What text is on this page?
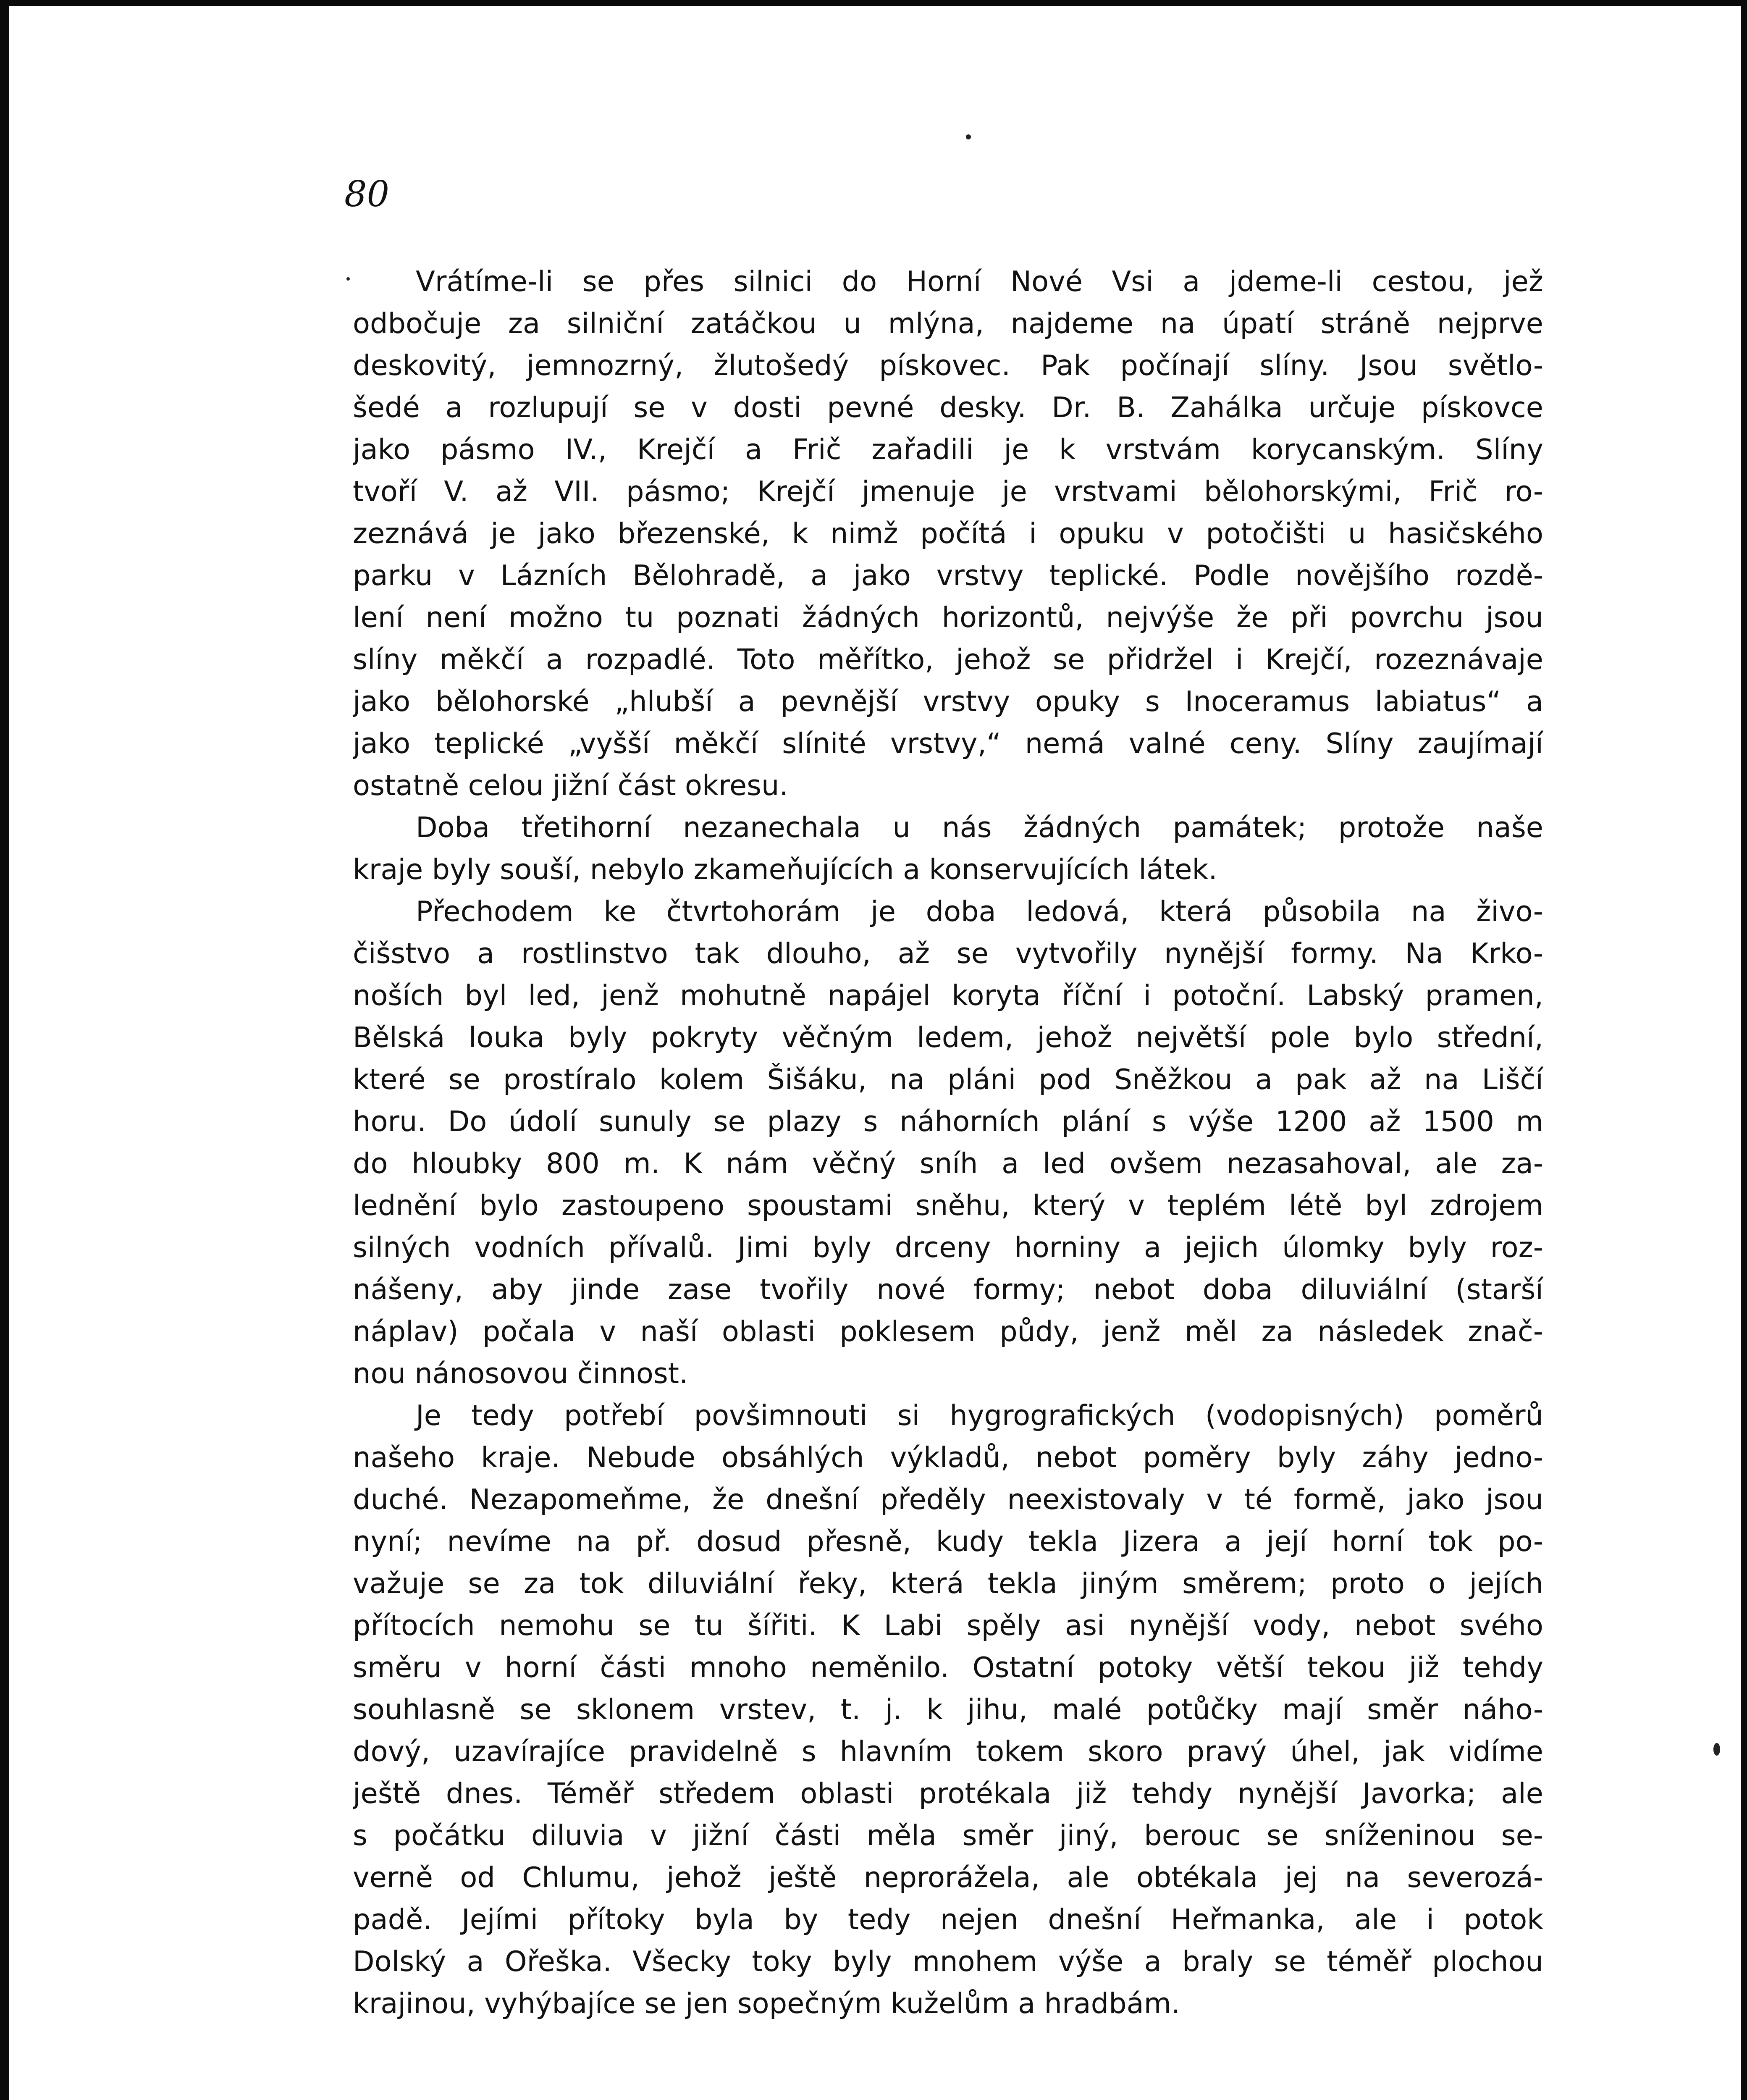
80
Vrátíme-li se přes silnici do Horní Nové Vsi a jdeme-li cestou, jež
odbočuje za silniční zatáčkou u mlýna, najdeme na úpatí stráně nejprve
deskovitý, jemnozrný, žlutošedý pískovec. Pak počínají slíny. Jsou světlo-
šedé a rozlupují se v dosti pevné desky. Dr. B. Zahálka určuje pískovce
jako pásmo IV., Krejčí a Frič zařadili je k vrstvám korycanským. Slíny
tvoří V. až VII. pásmo; Krejčí jmenuje je vrstvami bělohorskými, Frič ro-
zeznává je jako březenské, k nimž počítá i opuku v potočišti u hasičského
parku v Lázních Bělohradě, a jako vrstvy teplické. Podle novějšího rozdě-
lení není možno tu poznati žádných horizontů, nejvýše že při povrchu jsou
slíny měkčí a rozpadlé. Toto měřítko, jehož se přidržel i Krejčí, rozeznávaje
jako bělohorské „hlubší a pevnější vrstvy opuky s Inoceramus labiatus“ a
jako teplické „vyšší měkčí slínité vrstvy,“ nemá valné ceny. Slíny zaujímají
ostatně celou jižní část okresu.
Doba třetihorní nezanechala u nás žádných památek; protože naše
kraje byly souší, nebylo zkameňujících a konservujících látek.
Přechodem ke čtvrtohorám je doba ledová, která působila na živo-
čišstvo a rostlinstvo tak dlouho, až se vytvořily nynější formy. Na Krko-
noších byl led, jenž mohutně napájel koryta říční i potoční. Labský pramen,
Bělská louka byly pokryty věčným ledem, jehož největší pole bylo střední,
které se prostíralo kolem Šišáku, na pláni pod Sněžkou a pak až na Liščí
horu. Do údolí sunuly se plazy s náhorních plání s výše 1200 až 1500 m
do hloubky 800 m. K nám věčný sníh a led ovšem nezasahoval, ale za-
lednění bylo zastoupeno spoustami sněhu, který v teplém létě byl zdrojem
silných vodních přívalů. Jimi byly drceny horniny a jejich úlomky byly roz-
nášeny, aby jinde zase tvořily nové formy; nebot doba diluviální (starší
náplav) počala v naší oblasti poklesem půdy, jenž měl za následek znač-
nou nánosovou činnost.
Je tedy potřebí povšimnouti si hygrografických (vodopisných) poměrů
našeho kraje. Nebude obsáhlých výkladů, nebot poměry byly záhy jedno-
duché. Nezapomeňme, že dnešní předěly neexistovaly v té formě, jako jsou
nyní; nevíme na př. dosud přesně, kudy tekla Jizera a její horní tok po-
važuje se za tok diluviální řeky, která tekla jiným směrem; proto o jejích
přítocích nemohu se tu šířiti. K Labi spěly asi nynější vody, nebot svého
směru v horní části mnoho neměnilo. Ostatní potoky větší tekou již tehdy
souhlasně se sklonem vrstev, t. j. k jihu, malé potůčky mají směr náho-
dový, uzavírajíce pravidelně s hlavním tokem skoro pravý úhel, jak vidíme
ještě dnes. Téměř středem oblasti protékala již tehdy nynější Javorka; ale
s počátku diluvia v jižní části měla směr jiný, berouc se sníženinou se-
verně od Chlumu, jehož ještě neprorážela, ale obtékala jej na severozá-
padě. Jejími přítoky byla by tedy nejen dnešní Heřmanka, ale i potok
Dolský a Ořeška. Všecky toky byly mnohem výše a braly se téměř plochou
krajinou, vyhýbajíce se jen sopečným kuželům a hradbám.
